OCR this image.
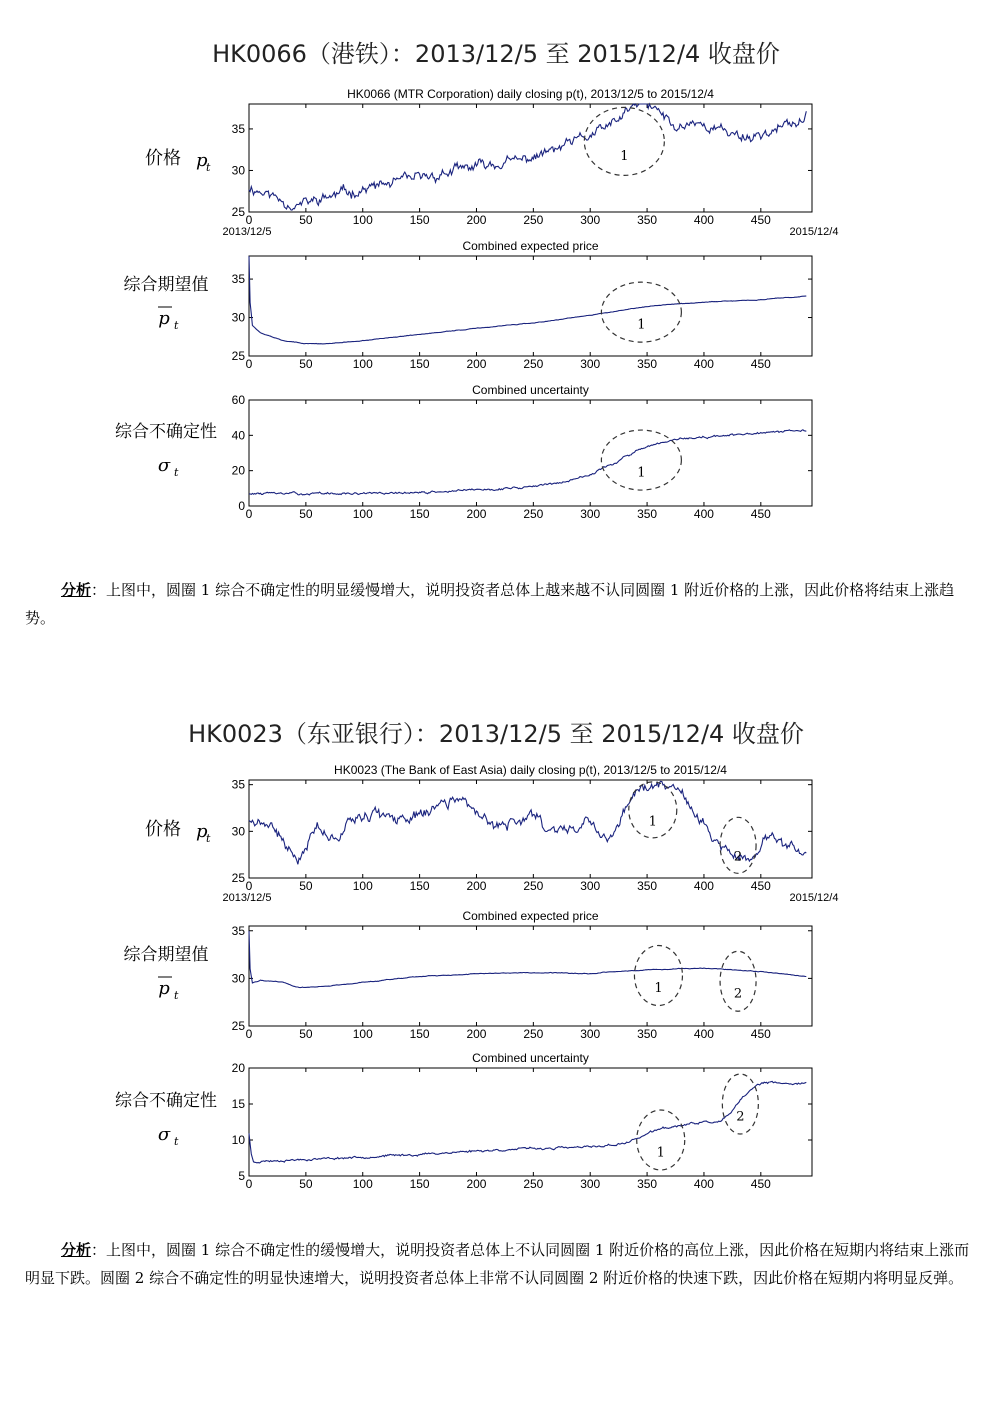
HK0066（港铁）：2013/12/5 至 2015/12/4 收盘价
HK0066 (MTR Corporation) daily closing p(t), 2013/12/5 to 2015/12/4
0	50	100	150	200	250	300	350	400	450
25
30
35
2013/12/5	2015/12/4
价格 p
t
1
Combined expected price
0	50	100	150	200	250	300	350	400	450
25
30
35
综合期望值
p t	1
Combined uncertainty
0	50	100	150	200	250	300	350	400	450
0
20
40
60
综合不确定性
σ t	1
分析：上图中，圆圈 1 综合不确定性的明显缓慢增大，说明投资者总体上越来越不认同圆圈 1 附近价格的上涨，因此价格将结束上涨趋势。
HK0023（东亚银行）：2013/12/5 至 2015/12/4 收盘价
HK0023 (The Bank of East Asia) daily closing p(t), 2013/12/5 to 2015/12/4
0	50	100	150	200	250	300	350	400	450
25
30
35
2013/12/5	2015/12/4
价格 p
t
1
2
Combined expected price
0	50	100	150	200	250	300	350	400	450
25
30
35
综合期望值
p t	1	2
Combined uncertainty
0	50	100	150	200	250	300	350	400	450
5
10
15
20
综合不确定性
σ t
1
2
分析：上图中，圆圈 1 综合不确定性的缓慢增大，说明投资者总体上不认同圆圈 1 附近价格的高位上涨，因此价格在短期内将结束上涨而明显下跌。圆圈 2 综合不确定性的明显快速增大，说明投资者总体上非常不认同圆圈 2 附近价格的快速下跌，因此价格在短期内将明显反弹。
